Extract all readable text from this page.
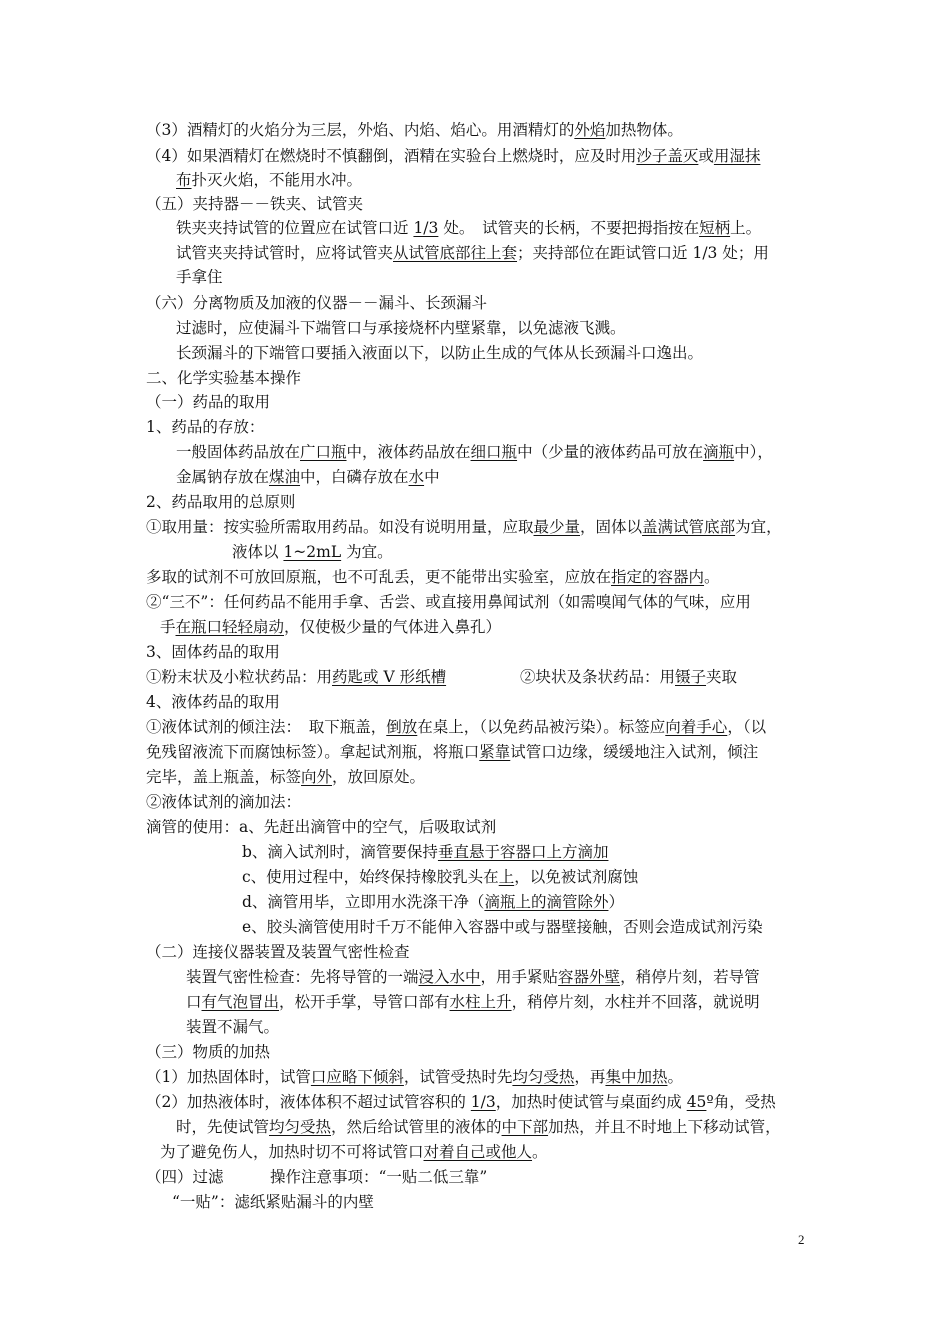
（3）酒精灯的火焰分为三层，外焰、内焰、焰心。用酒精灯的外焰加热物体。
（4）如果酒精灯在燃烧时不慎翻倒，酒精在实验台上燃烧时，应及时用沙子盖灭或用湿抹
布扑灭火焰，不能用水冲。
（五）夹持器－－铁夹、试管夹
铁夹夹持试管的位置应在试管口近 1/3 处。　试管夹的长柄，不要把拇指按在短柄上。
试管夹夹持试管时，应将试管夹从试管底部往上套；夹持部位在距试管口近 1/3 处；用
手拿住
（六）分离物质及加液的仪器－－漏斗、长颈漏斗
过滤时，应使漏斗下端管口与承接烧杯内壁紧靠，以免滤液飞溅。
长颈漏斗的下端管口要插入液面以下，以防止生成的气体从长颈漏斗口逸出。
二、化学实验基本操作
（一）药品的取用
1、药品的存放：
一般固体药品放在广口瓶中，液体药品放在细口瓶中（少量的液体药品可放在滴瓶中），
金属钠存放在煤油中，白磷存放在水中
2、药品取用的总原则
①取用量：按实验所需取用药品。如没有说明用量，应取最少量，固体以盖满试管底部为宜，
液体以 1~2mL 为宜。
多取的试剂不可放回原瓶，也不可乱丢，更不能带出实验室，应放在指定的容器内。
②“三不”：任何药品不能用手拿、舌尝、或直接用鼻闻试剂（如需嗅闻气体的气味，应用
手在瓶口轻轻扇动，仅使极少量的气体进入鼻孔）
3、固体药品的取用
①粉末状及小粒状药品：用药匙或 V 形纸槽	②块状及条状药品：用镊子夹取
4、液体药品的取用
①液体试剂的倾注法：　取下瓶盖，倒放在桌上，（以免药品被污染）。标签应向着手心，（以
免残留液流下而腐蚀标签）。拿起试剂瓶，将瓶口紧靠试管口边缘，缓缓地注入试剂，倾注
完毕，盖上瓶盖，标签向外，放回原处。
②液体试剂的滴加法：
滴管的使用：a、先赶出滴管中的空气，后吸取试剂
b、滴入试剂时，滴管要保持垂直悬于容器口上方滴加
c、使用过程中，始终保持橡胶乳头在上，以免被试剂腐蚀
d、滴管用毕，立即用水洗涤干净（滴瓶上的滴管除外）
e、胶头滴管使用时千万不能伸入容器中或与器壁接触，否则会造成试剂污染
（二）连接仪器装置及装置气密性检查
装置气密性检查：先将导管的一端浸入水中，用手紧贴容器外壁，稍停片刻，若导管
口有气泡冒出，松开手掌，导管口部有水柱上升，稍停片刻，水柱并不回落，就说明
装置不漏气。
（三）物质的加热
（1）加热固体时，试管口应略下倾斜，试管受热时先均匀受热，再集中加热。
（2）加热液体时，液体体积不超过试管容积的 1/3，加热时使试管与桌面约成 45º角，受热
时，先使试管均匀受热，然后给试管里的液体的中下部加热，并且不时地上下移动试管，
为了避免伤人，加热时切不可将试管口对着自己或他人。
（四）过滤　　　操作注意事项：“一贴二低三靠”
“一贴”：滤纸紧贴漏斗的内壁
2
